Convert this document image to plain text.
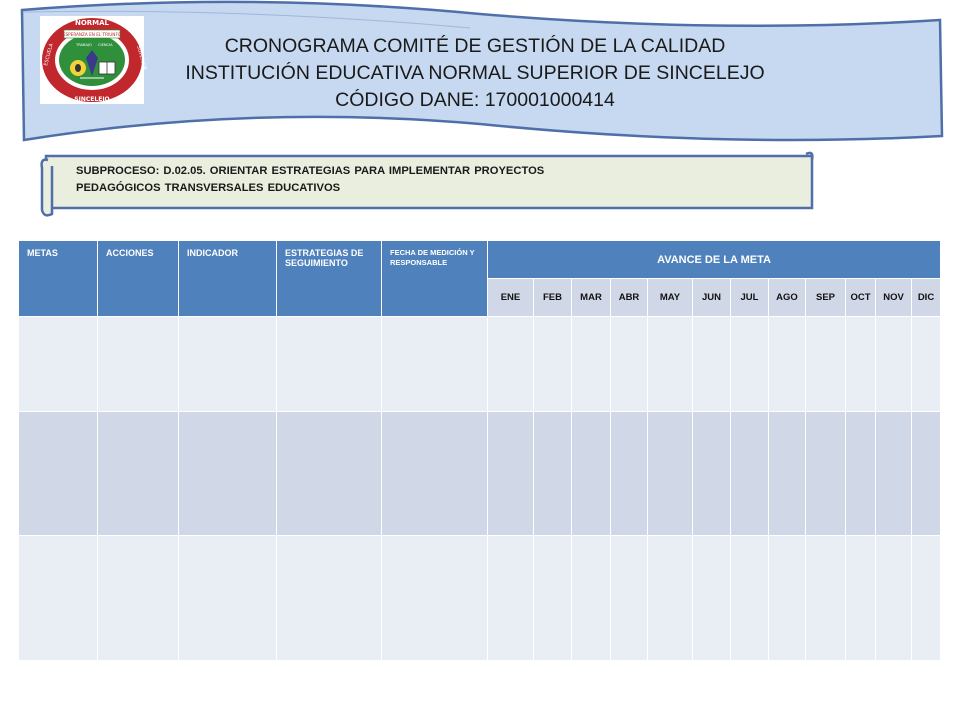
ESPERANZA EN EL TRIUNFO
NORMAL
SINCELEJO
ESCUELA	SUPERIOR
TRABAJO CIENCIA	CRONOGRAMA COMITÉ DE GESTIÓN DE LA CALIDAD
INSTITUCIÓN EDUCATIVA NORMAL SUPERIOR DE SINCELEJO
CÓDIGO DANE: 170001000414
SUBPROCESO: D.02.05. ORIENTAR ESTRATEGIAS PARA IMPLEMENTAR PROYECTOS
PEDAGÓGICOS TRANSVERSALES EDUCATIVOS
METAS	ACCIONES	INDICADOR	ESTRATEGIAS DE SEGUIMIENTO	FECHA DE MEDICIÓN Y RESPONSABLE	AVANCE DE LA META											
					ENE	FEB	MAR	ABR	MAY	JUN	JUL	AGO	SEP	OCT	NOV	DIC
